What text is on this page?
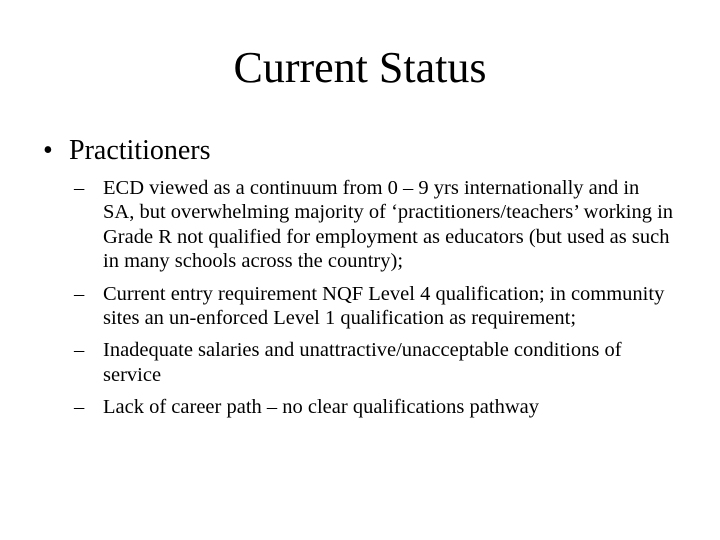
Current Status
• Practitioners
– ECD viewed as a continuum from 0 – 9 yrs internationally and in SA, but overwhelming majority of ‘practitioners/teachers’ working in Grade R not qualified for employment as educators (but used as such in many schools across the country);
– Current entry requirement NQF Level 4 qualification; in community sites an un-enforced Level 1 qualification as requirement;
– Inadequate salaries and unattractive/unacceptable conditions of service
– Lack of career path – no clear qualifications pathway
